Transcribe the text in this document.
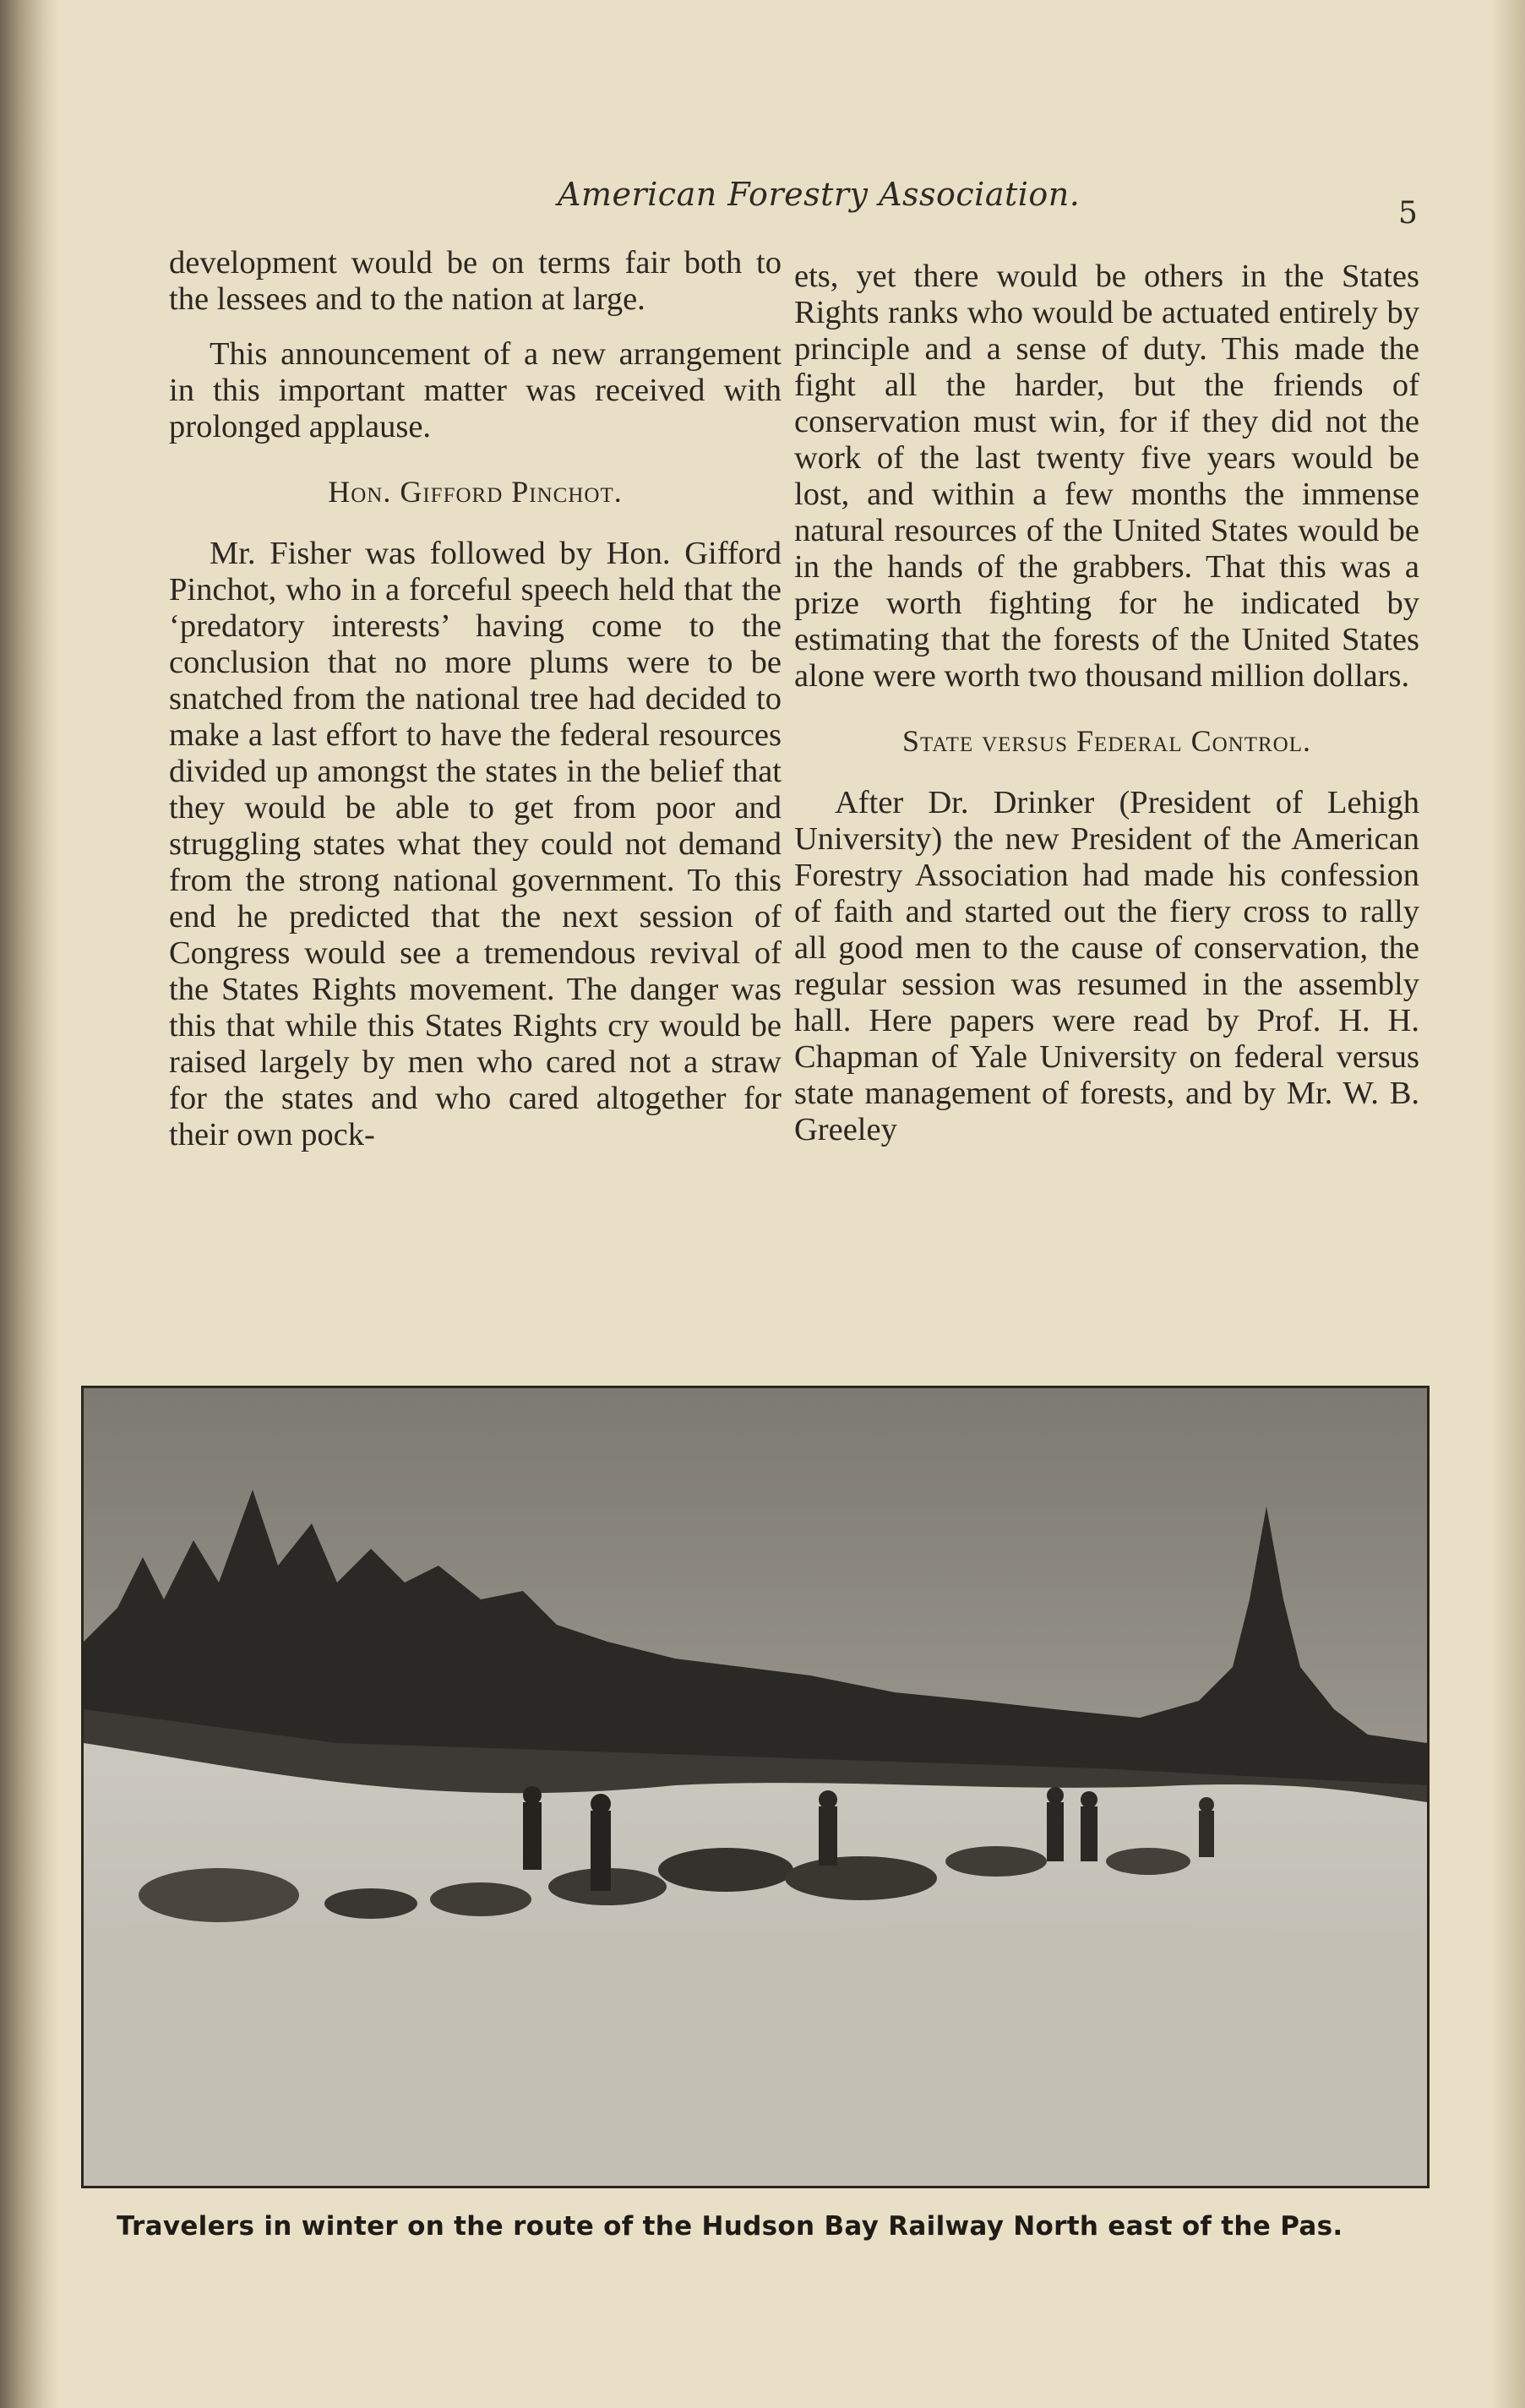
American Forestry Association.
5

development would be on terms fair both to the lessees and to the nation at large.

This announcement of a new arrangement in this important matter was received with prolonged applause.

Hon. Gifford Pinchot.

Mr. Fisher was followed by Hon. Gifford Pinchot, who in a forceful speech held that the ‘predatory interests’ having come to the conclusion that no more plums were to be snatched from the national tree had decided to make a last effort to have the federal resources divided up amongst the states in the belief that they would be able to get from poor and struggling states what they could not demand from the strong national government. To this end he predicted that the next session of Congress would see a tremendous revival of the States Rights movement. The danger was this that while this States Rights cry would be raised largely by men who cared not a straw for the states and who cared altogether for their own pock-

ets, yet there would be others in the States Rights ranks who would be actuated entirely by principle and a sense of duty. This made the fight all the harder, but the friends of conservation must win, for if they did not the work of the last twenty five years would be lost, and within a few months the immense natural resources of the United States would be in the hands of the grabbers. That this was a prize worth fighting for he indicated by estimating that the forests of the United States alone were worth two thousand million dollars.

State versus Federal Control.

After Dr. Drinker (President of Lehigh University) the new President of the American Forestry Association had made his confession of faith and started out the fiery cross to rally all good men to the cause of conservation, the regular session was resumed in the assembly hall. Here papers were read by Prof. H. H. Chapman of Yale University on federal versus state management of forests, and by Mr. W. B. Greeley

Travelers in winter on the route of the Hudson Bay Railway North east of the Pas.
